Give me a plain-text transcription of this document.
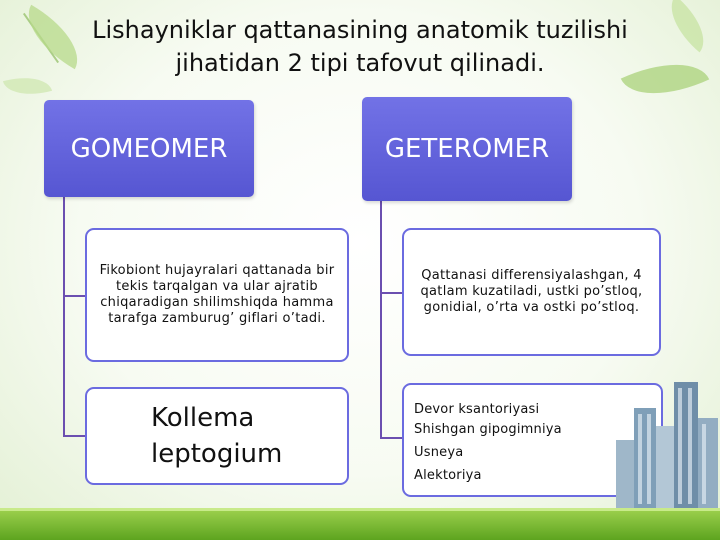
Lishayniklar qattanasining anatomik tuzilishi jihatidan 2 tipi tafovut qilinadi.
GOMEOMER
Fikobiont hujayralari qattanada bir tekis tarqalgan va ular ajratib chiqaradigan shilimshiqda hamma tarafga zamburug’ giflari o’tadi.
Kollema
leptogium
GETEROMER
Qattanasi differensiyalashgan, 4 qatlam kuzatiladi, ustki po’stloq, gonidial, o’rta va ostki po’stloq.
Devor ksantoriyasi
Shishgan gipogimniya
Usneya
Alektoriya
